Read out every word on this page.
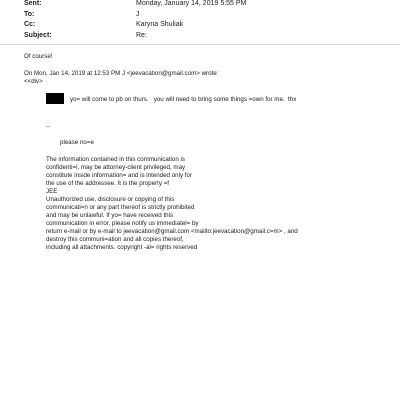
Sent:	Monday, January 14, 2019 5:55 PM
To:	J
Cc:	Karyna Shuliak
Subject:	Re:
Of course!
On Mon, Jan 14, 2019 at 12:53 PM J <jeevacation@gmail.com> wrote:
<<div>
yo= will come to pb on thurs.   you will need to bring some things =own for me.  thx
--
please no=e
The information contained in this communication is
confidenti=l, may be attorney-client privileged, may
constitute inside information= and is intended only for
the use of the addressee. It is the property =f
JEE
Unauthorized use, disclosure or copying of this
communicati=n or any part thereof is strictly prohibited
and may be unlawful. If yo= have received this
communication in error, please notify us immediatel= by
return e-mail or by e-mail to jeevacation@gmail.com <mailto:jeevacation@gmail.c=m> , and
destroy this communi=ation and all copies thereof,
including all attachments. copyright -al= rights reserved
